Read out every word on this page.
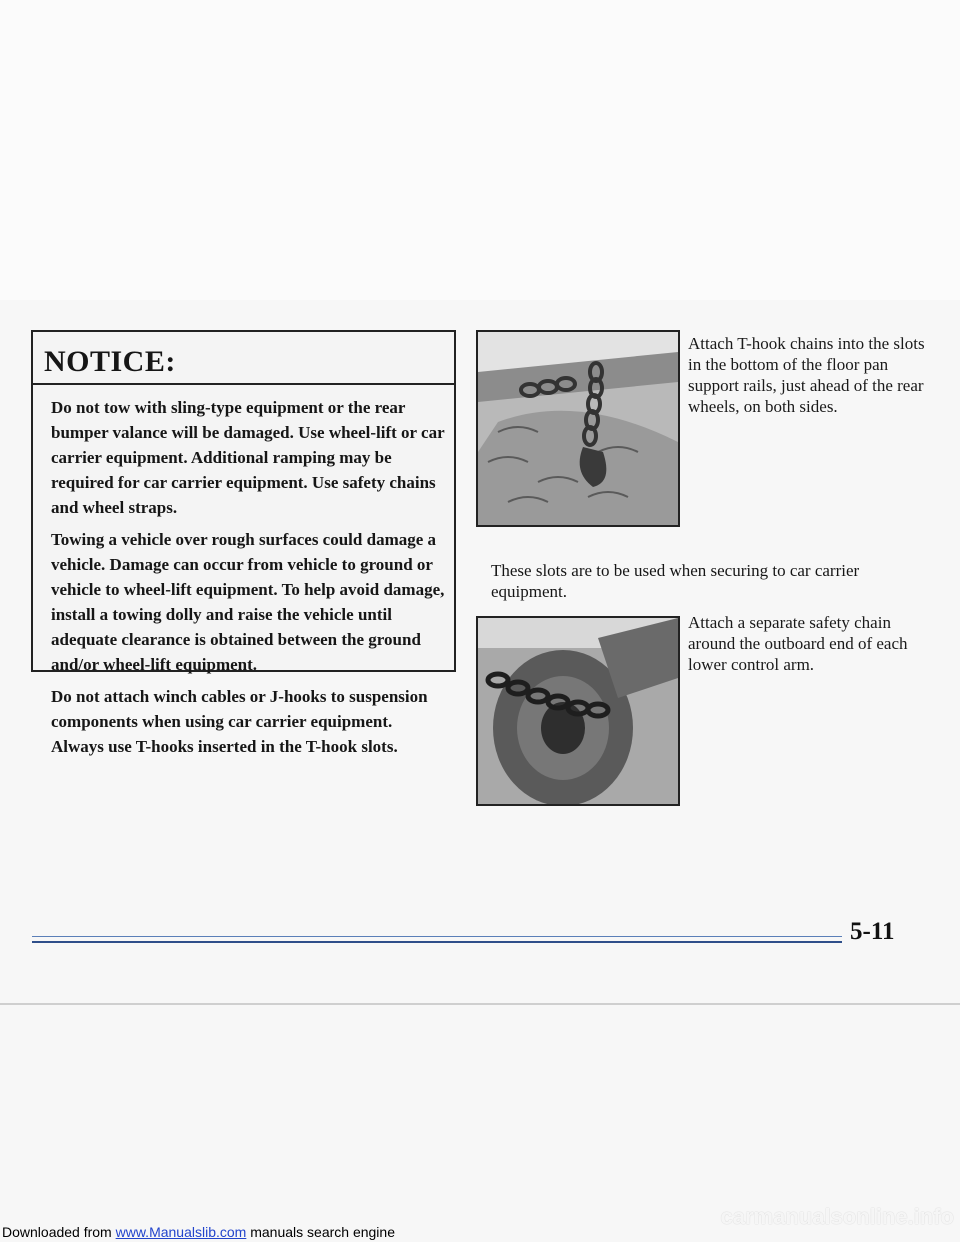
NOTICE:

Do not tow with sling-type equipment or the rear bumper valance will be damaged. Use wheel-lift or car carrier equipment. Additional ramping may be required for car carrier equipment. Use safety chains and wheel straps.

Towing a vehicle over rough surfaces could damage a vehicle. Damage can occur from vehicle to ground or vehicle to wheel-lift equipment. To help avoid damage, install a towing dolly and raise the vehicle until adequate clearance is obtained between the ground and/or wheel-lift equipment.

Do not attach winch cables or J-hooks to suspension components when using car carrier equipment. Always use T-hooks inserted in the T-hook slots.

Attach T-hook chains into the slots in the bottom of the floor pan support rails, just ahead of the rear wheels, on both sides.
These slots are to be used when securing to car carrier equipment.
Attach a separate safety chain around the outboard end of each lower control arm.
5-11
Downloaded from www.Manualslib.com manuals search engine
carmanualsonline.info
